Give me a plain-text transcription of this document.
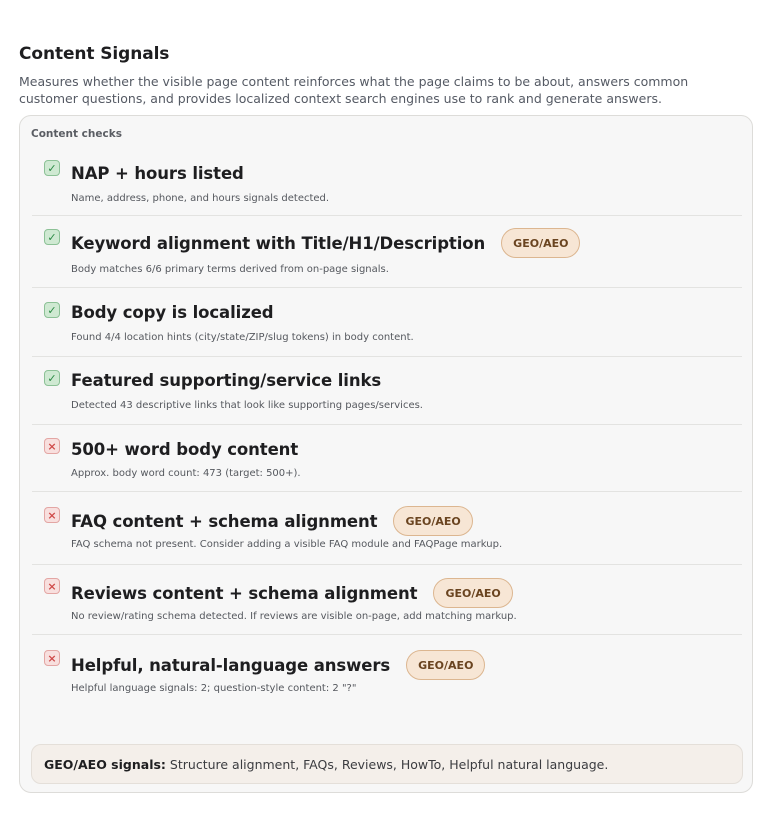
Content Signals
Measures whether the visible page content reinforces what the page claims to be about, answers common customer questions, and provides localized context search engines use to rank and generate answers.
Content checks
✓ NAP + hours listed
Name, address, phone, and hours signals detected.
✓ Keyword alignment with Title/H1/Description	GEO/AEO
Body matches 6/6 primary terms derived from on-page signals.
✓ Body copy is localized
Found 4/4 location hints (city/state/ZIP/slug tokens) in body content.
✓ Featured supporting/service links
Detected 43 descriptive links that look like supporting pages/services.
× 500+ word body content
Approx. body word count: 473 (target: 500+).
× FAQ content + schema alignment	GEO/AEO
FAQ schema not present. Consider adding a visible FAQ module and FAQPage markup.
× Reviews content + schema alignment	GEO/AEO
No review/rating schema detected. If reviews are visible on-page, add matching markup.
× Helpful, natural-language answers	GEO/AEO
Helpful language signals: 2; question-style content: 2 "?"
GEO/AEO signals: Structure alignment, FAQs, Reviews, HowTo, Helpful natural language.
